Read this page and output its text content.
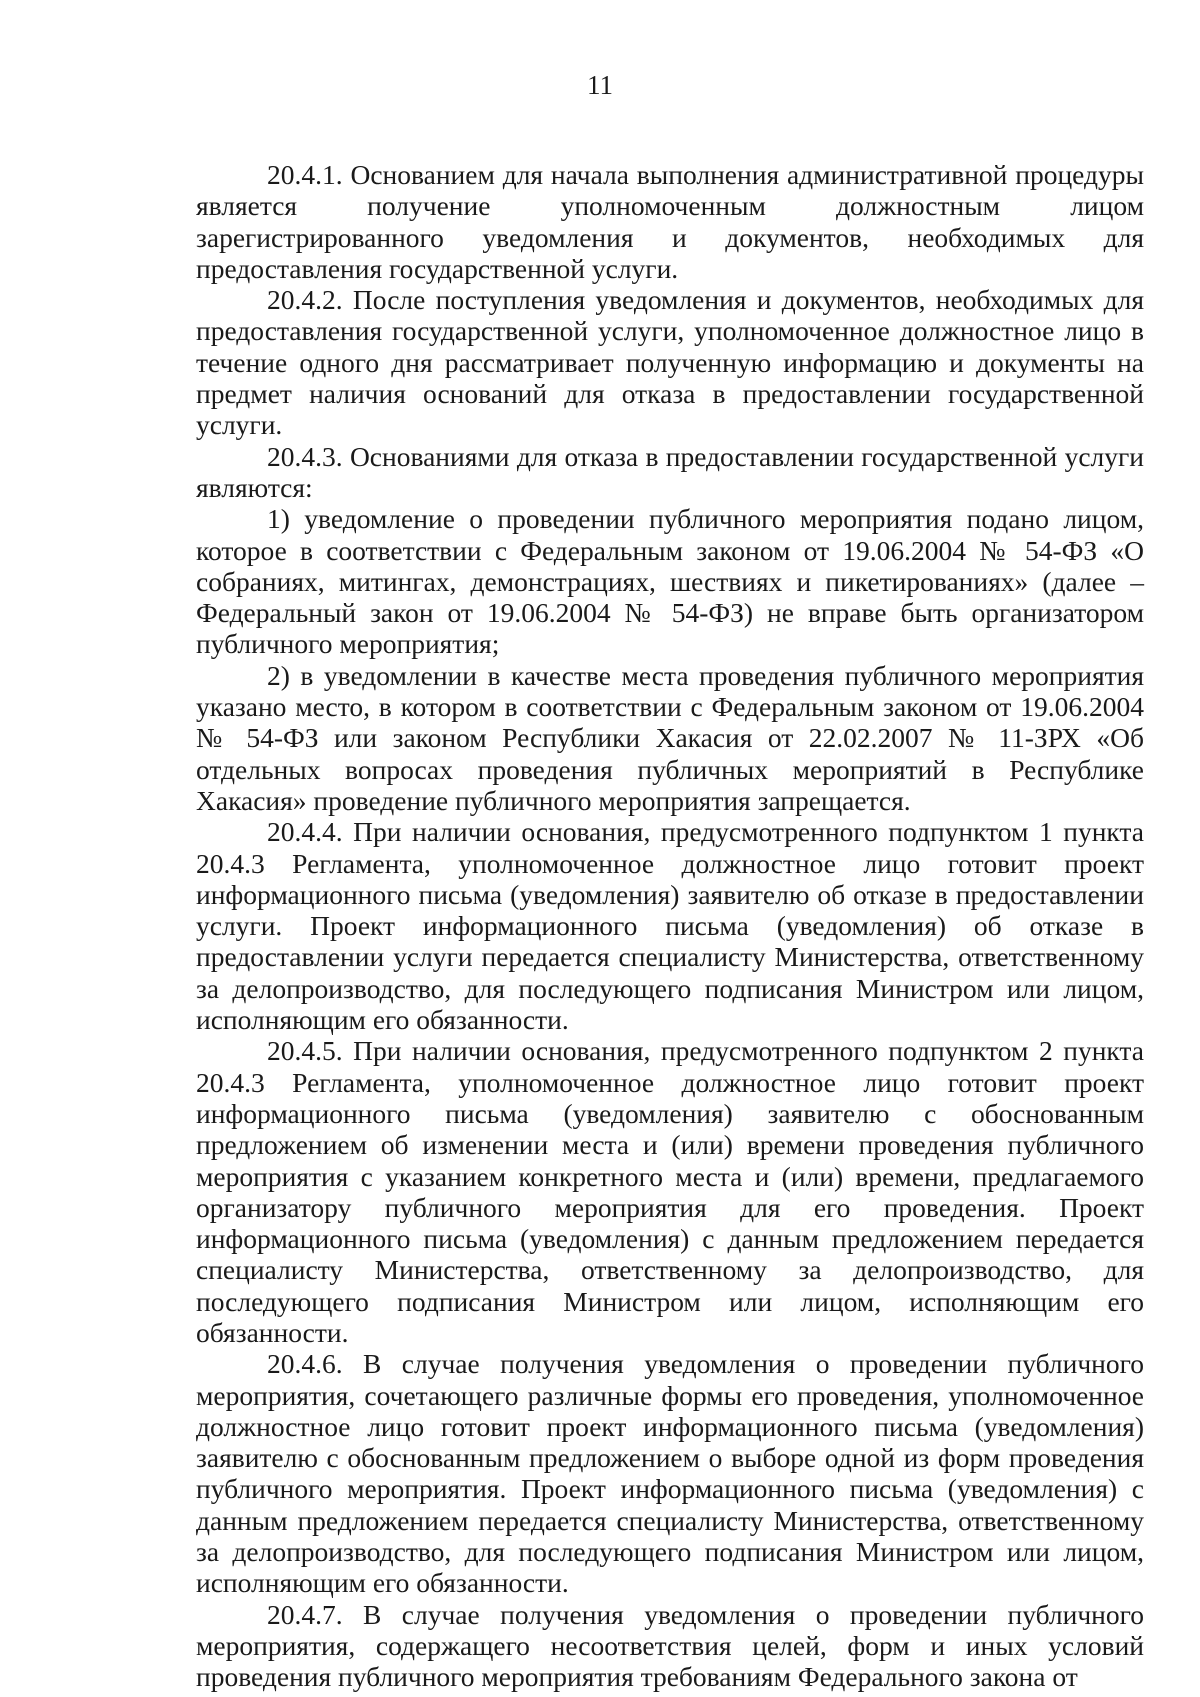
11

20.4.1. Основанием для начала выполнения административной процедуры является получение уполномоченным должностным лицом зарегистрированного уведомления и документов, необходимых для предоставления государственной услуги.

20.4.2. После поступления уведомления и документов, необходимых для предоставления государственной услуги, уполномоченное должностное лицо в течение одного дня рассматривает полученную информацию и документы на предмет наличия оснований для отказа в предоставлении государственной услуги.

20.4.3. Основаниями для отказа в предоставлении государственной услуги являются:

1) уведомление о проведении публичного мероприятия подано лицом, которое в соответствии с Федеральным законом от 19.06.2004 № 54-ФЗ «О собраниях, митингах, демонстрациях, шествиях и пикетированиях» (далее – Федеральный закон от 19.06.2004 № 54-ФЗ) не вправе быть организатором публичного мероприятия;

2) в уведомлении в качестве места проведения публичного мероприятия указано место, в котором в соответствии с Федеральным законом от 19.06.2004 № 54-ФЗ или законом Республики Хакасия от 22.02.2007 № 11-ЗРХ «Об отдельных вопросах проведения публичных мероприятий в Республике Хакасия» проведение публичного мероприятия запрещается.

20.4.4. При наличии основания, предусмотренного подпунктом 1 пункта 20.4.3 Регламента, уполномоченное должностное лицо готовит проект информационного письма (уведомления) заявителю об отказе в предоставлении услуги. Проект информационного письма (уведомления) об отказе в предоставлении услуги передается специалисту Министерства, ответственному за делопроизводство, для последующего подписания Министром или лицом, исполняющим его обязанности.

20.4.5. При наличии основания, предусмотренного подпунктом 2 пункта 20.4.3 Регламента, уполномоченное должностное лицо готовит проект информационного письма (уведомления) заявителю с обоснованным предложением об изменении места и (или) времени проведения публичного мероприятия с указанием конкретного места и (или) времени, предлагаемого организатору публичного мероприятия для его проведения. Проект информационного письма (уведомления) с данным предложением передается специалисту Министерства, ответственному за делопроизводство, для последующего подписания Министром или лицом, исполняющим его обязанности.

20.4.6. В случае получения уведомления о проведении публичного мероприятия, сочетающего различные формы его проведения, уполномоченное должностное лицо готовит проект информационного письма (уведомления) заявителю с обоснованным предложением о выборе одной из форм проведения публичного мероприятия. Проект информационного письма (уведомления) с данным предложением передается специалисту Министерства, ответственному за делопроизводство, для последующего подписания Министром или лицом, исполняющим его обязанности.

20.4.7. В случае получения уведомления о проведении публичного мероприятия, содержащего несоответствия целей, форм и иных условий проведения публичного мероприятия требованиям Федерального закона от
